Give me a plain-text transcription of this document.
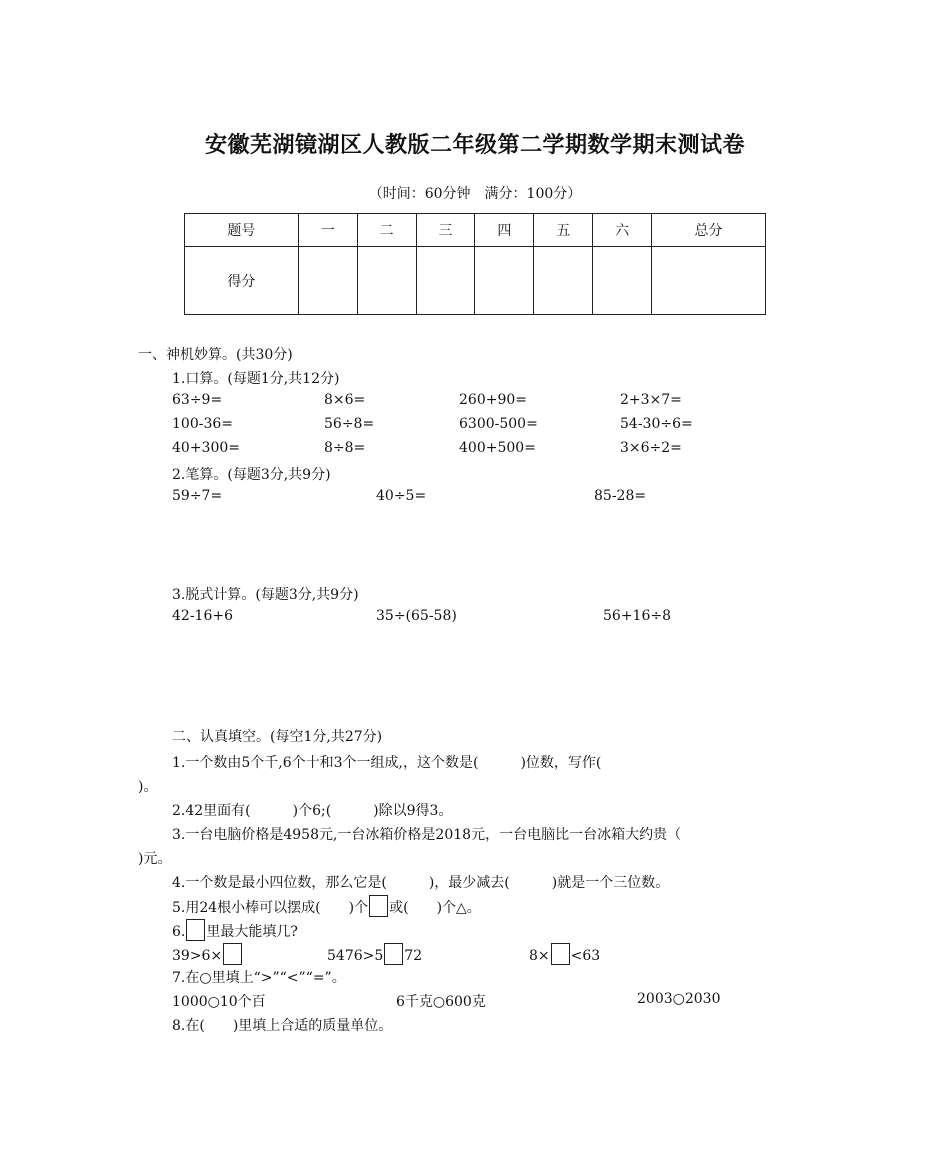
安徽芜湖镜湖区人教版二年级第二学期数学期末测试卷
（时间：60分钟　满分：100分）
题号	一	二	三	四	五	六	总分
得分							
一、神机妙算。(共30分)
1.口算。(每题1分,共12分)
63÷9=	8×6=	260+90=	2+3×7=
100-36=	56÷8=	6300-500=	54-30÷6=
40+300=	8÷8=	400+500=	3×6÷2=
2.笔算。(每题3分,共9分)
59÷7=	40÷5=	85-28=
3.脱式计算。(每题3分,共9分)
42-16+6	35÷(65-58)	56+16÷8
二、认真填空。(每空1分,共27分)
1.一个数由5个千,6个十和3个一组成,，这个数是(　　　)位数，写作(
)。
2.42里面有(　　　)个6;(　　　)除以9得3。
3.一台电脑价格是4958元,一台冰箱价格是2018元，一台电脑比一台冰箱大约贵（
)元。
4.一个数是最小四位数，那么它是(　　　)，最少减去(　　　)就是一个三位数。
5.用24根小棒可以摆成(　　)个 或(　　)个△。
6. 里最大能填几?
39>6×	5476>5 72	8× <63
7.在○里填上“>”“<”“=”。
1000○10个百	6千克○600克	2003○2030
8.在(　　)里填上合适的质量单位。
